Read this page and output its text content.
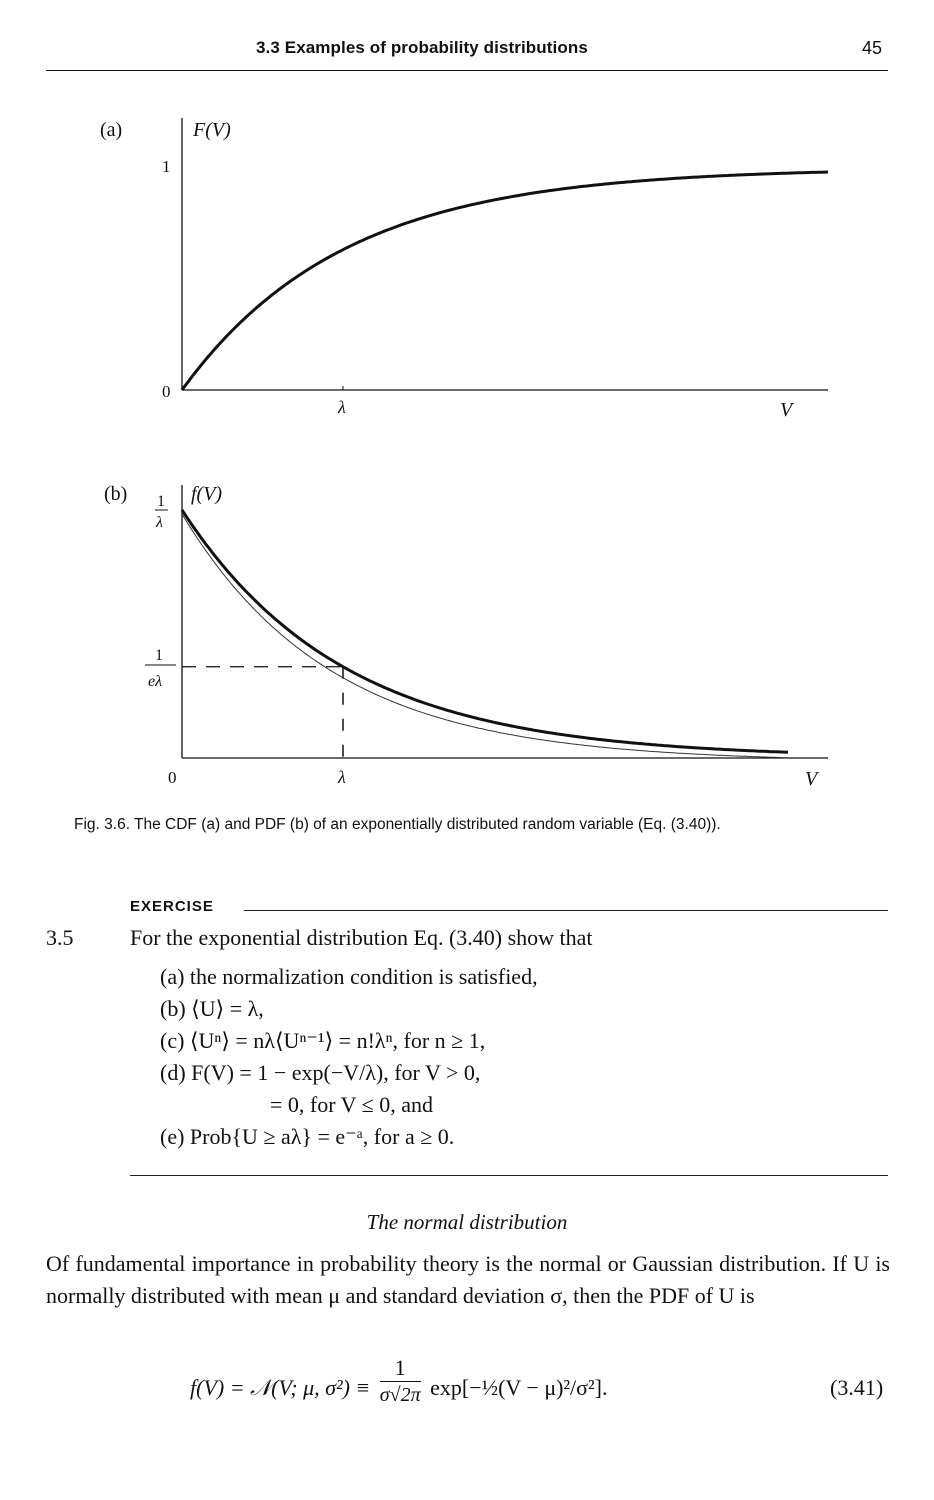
3.3 Examples of probability distributions	45
(a)	F(V)
1
0
λ	V
(b)	f(V)
1
λ
1
eλ
0	λ	V
Fig. 3.6. The CDF (a) and PDF (b) of an exponentially distributed random variable (Eq. (3.40)).
EXERCISE
3.5	For the exponential distribution Eq. (3.40) show that
(a) the normalization condition is satisfied,
(b) ⟨U⟩ = λ,
(c) ⟨Uⁿ⟩ = nλ⟨Uⁿ⁻¹⟩ = n!λⁿ, for n ≥ 1,
(d) F(V) = 1 − exp(−V/λ), for V > 0,
= 0, for V ≤ 0, and
(e) Prob{U ≥ aλ} = e⁻ᵃ, for a ≥ 0.
The normal distribution
Of fundamental importance in probability theory is the normal or Gaussian distribution. If U is normally distributed with mean μ and standard deviation σ, then the PDF of U is
f(V) = 𝒩(V; μ, $\sigma^2) \equiv \frac{1}{\sigma√2\pi}$ exp[−½(V − μ)²/σ²].	(3.41)
